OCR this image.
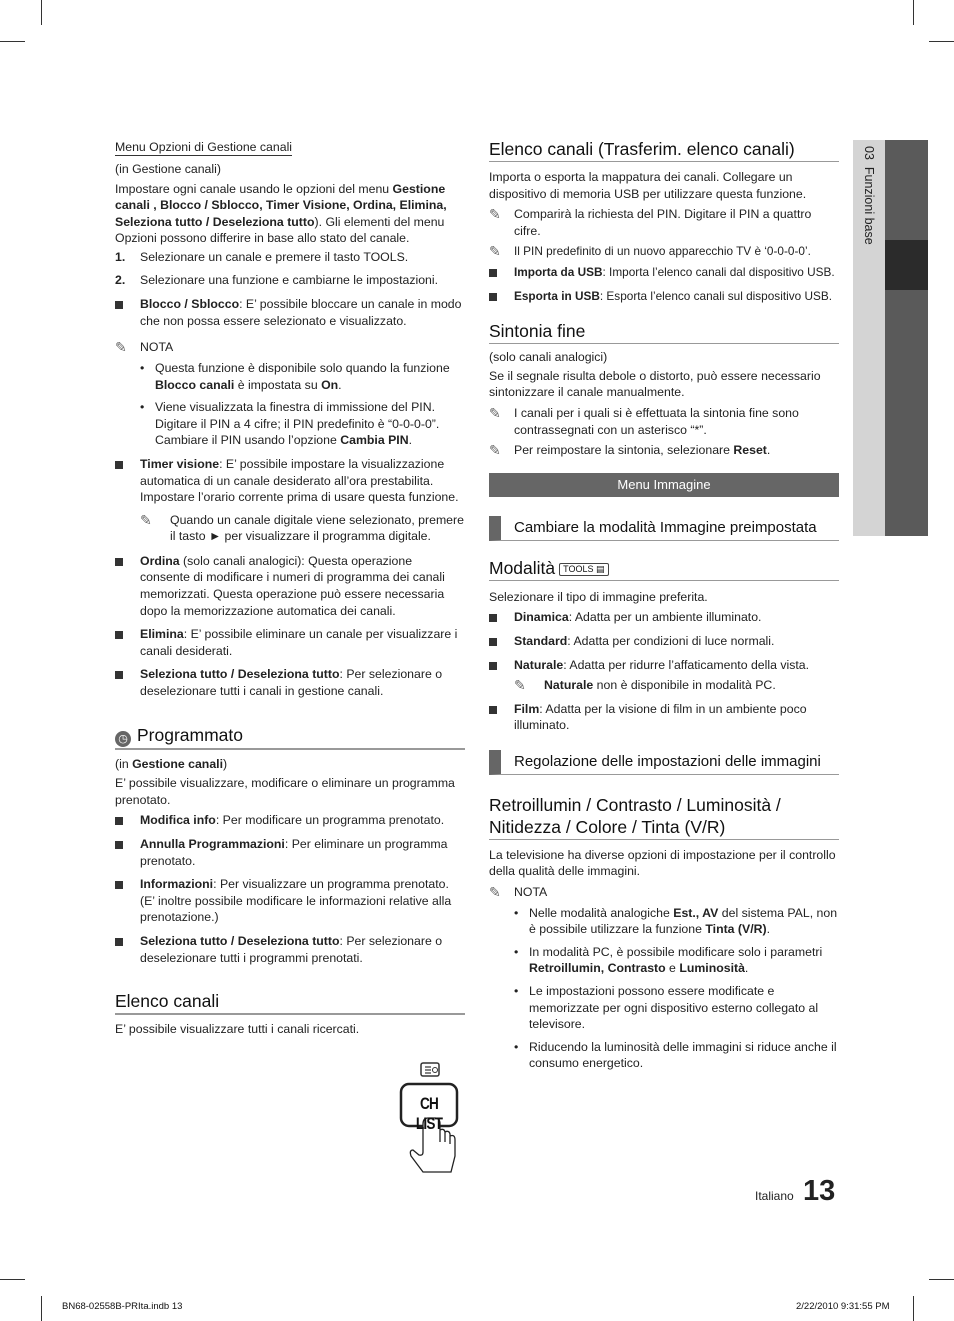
03  Funzioni base
Menu Opzioni di Gestione canali

(in Gestione canali)

Impostare ogni canale usando le opzioni del menu Gestione canali , Blocco / Sblocco, Timer Visione, Ordina, Elimina, Seleziona tutto / Deseleziona tutto). Gli elementi del menu Opzioni possono differire in base allo stato del canale.

1. Selezionare un canale e premere il tasto TOOLS.
2. Selezionare una funzione e cambiarne le impostazioni.
Blocco / Sblocco: E’ possibile bloccare un canale in modo che non possa essere selezionato e visualizzato.
✎ NOTA
• Questa funzione è disponibile solo quando la funzione Blocco canali è impostata su On.
• Viene visualizzata la finestra di immissione del PIN. Digitare il PIN a 4 cifre; il PIN predefinito è “0-0-0-0”. Cambiare il PIN usando l’opzione Cambia PIN.
Timer visione: E’ possibile impostare la visualizzazione automatica di un canale desiderato all’ora prestabilita. Impostare l’orario corrente prima di usare questa funzione.
✎ Quando un canale digitale viene selezionato, premere il tasto ► per visualizzare il programma digitale.
Ordina (solo canali analogici): Questa operazione consente di modificare i numeri di programma dei canali memorizzati. Questa operazione può essere necessaria dopo la memorizzazione automatica dei canali.
Elimina: E’ possibile eliminare un canale per visualizzare i canali desiderati.
Seleziona tutto / Deseleziona tutto: Per selezionare o deselezionare tutti i canali in gestione canali.
◷ Programmato

(in Gestione canali)

E’ possibile visualizzare, modificare o eliminare un programma prenotato.

Modifica info: Per modificare un programma prenotato.
Annulla Programmazioni: Per eliminare un programma prenotato.
Informazioni: Per visualizzare un programma prenotato. (E’ inoltre possibile modificare le informazioni relative alla prenotazione.)
Seleziona tutto / Deseleziona tutto: Per selezionare o deselezionare tutti i programmi prenotati.
Elenco canali

E’ possibile visualizzare tutti i canali ricercati.

CH LIST
Elenco canali (Trasferim. elenco canali)

Importa o esporta la mappatura dei canali. Collegare un dispositivo di memoria USB per utilizzare questa funzione.

✎ Comparirà la richiesta del PIN. Digitare il PIN a quattro cifre.
✎ Il PIN predefinito di un nuovo apparecchio TV è ‘0-0-0-0’.
Importa da USB: Importa l’elenco canali dal dispositivo USB.
Esporta in USB: Esporta l’elenco canali sul dispositivo USB.
Sintonia fine

(solo canali analogici)

Se il segnale risulta debole o distorto, può essere necessario sintonizzare il canale manualmente.

✎ I canali per i quali si è effettuata la sintonia fine sono contrassegnati con un asterisco “*”.
✎ Per reimpostare la sintonia, selezionare Reset.
Menu Immagine
Cambiare la modalità Immagine preimpostata
Modalità TOOLS ▤

Selezionare il tipo di immagine preferita.

Dinamica: Adatta per un ambiente illuminato.
Standard: Adatta per condizioni di luce normali.
Naturale: Adatta per ridurre l’affaticamento della vista.
✎ Naturale non è disponibile in modalità PC.
Film: Adatta per la visione di film in un ambiente poco illuminato.
Regolazione delle impostazioni delle immagini
Retroillumin / Contrasto / Luminosità / Nitidezza / Colore / Tinta (V/R)

La televisione ha diverse opzioni di impostazione per il controllo della qualità delle immagini.

✎ NOTA
• Nelle modalità analogiche Est., AV del sistema PAL, non è possibile utilizzare la funzione Tinta (V/R).
• In modalità PC, è possibile modificare solo i parametri Retroillumin, Contrasto e Luminosità.
• Le impostazioni possono essere modificate e memorizzate per ogni dispositivo esterno collegato al televisore.
• Riducendo la luminosità delle immagini si riduce anche il consumo energetico.
Italiano 13
BN68-02558B-PRIta.indb 13	2/22/2010 9:31:55 PM
